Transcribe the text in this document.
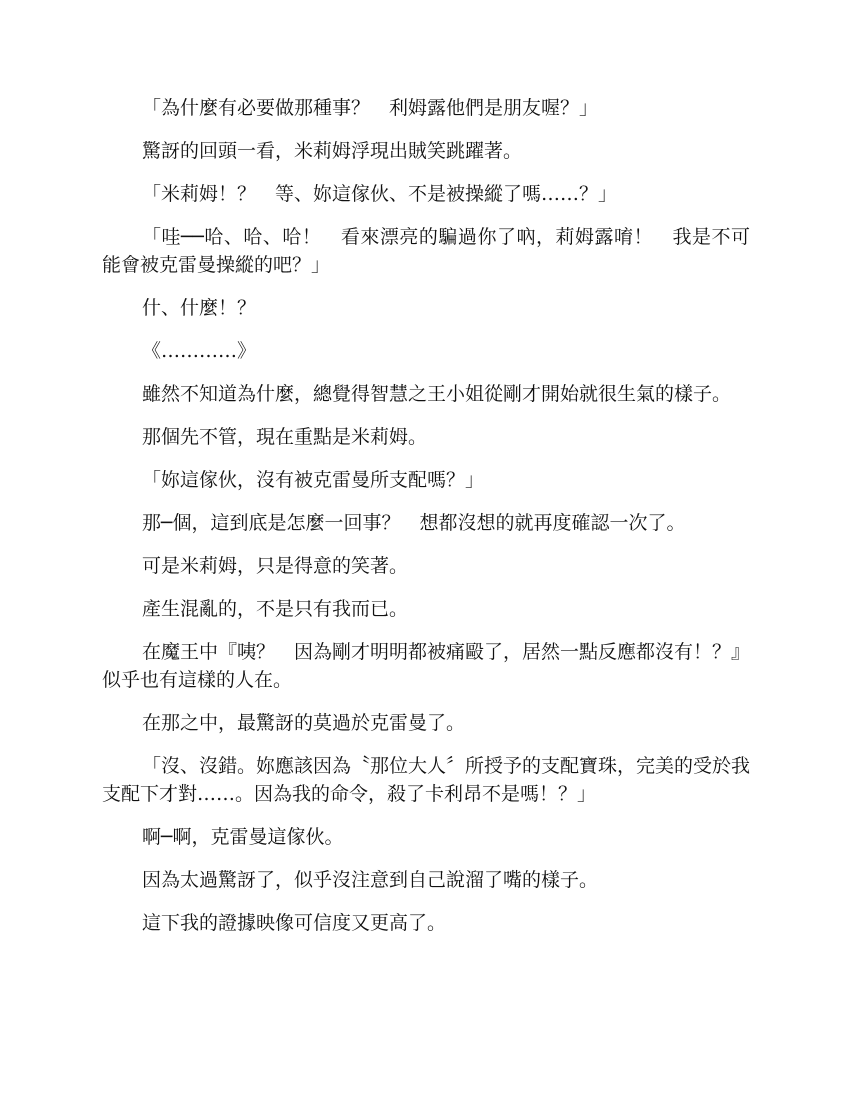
「為什麼有必要做那種事？　利姆露他們是朋友喔？」

驚訝的回頭一看，米莉姆浮現出賊笑跳躍著。

「米莉姆！？　等、妳這傢伙、不是被操縱了嗎……？」

「哇──哈、哈、哈！　看來漂亮的騙過你了吶，莉姆露唷！　我是不可能會被克雷曼操縱的吧？」

什、什麼！？

《…………》

雖然不知道為什麼，總覺得智慧之王小姐從剛才開始就很生氣的樣子。

那個先不管，現在重點是米莉姆。

「妳這傢伙，沒有被克雷曼所支配嗎？」

那─個，這到底是怎麼一回事？　想都沒想的就再度確認一次了。

可是米莉姆，只是得意的笑著。

產生混亂的，不是只有我而已。

在魔王中『咦？　因為剛才明明都被痛毆了，居然一點反應都沒有！？』似乎也有這樣的人在。

在那之中，最驚訝的莫過於克雷曼了。

「沒、沒錯。妳應該因為〝那位大人〞所授予的支配寶珠，完美的受於我支配下才對……。因為我的命令，殺了卡利昂不是嗎！？」

啊─啊，克雷曼這傢伙。

因為太過驚訝了，似乎沒注意到自己說溜了嘴的樣子。

這下我的證據映像可信度又更高了。
